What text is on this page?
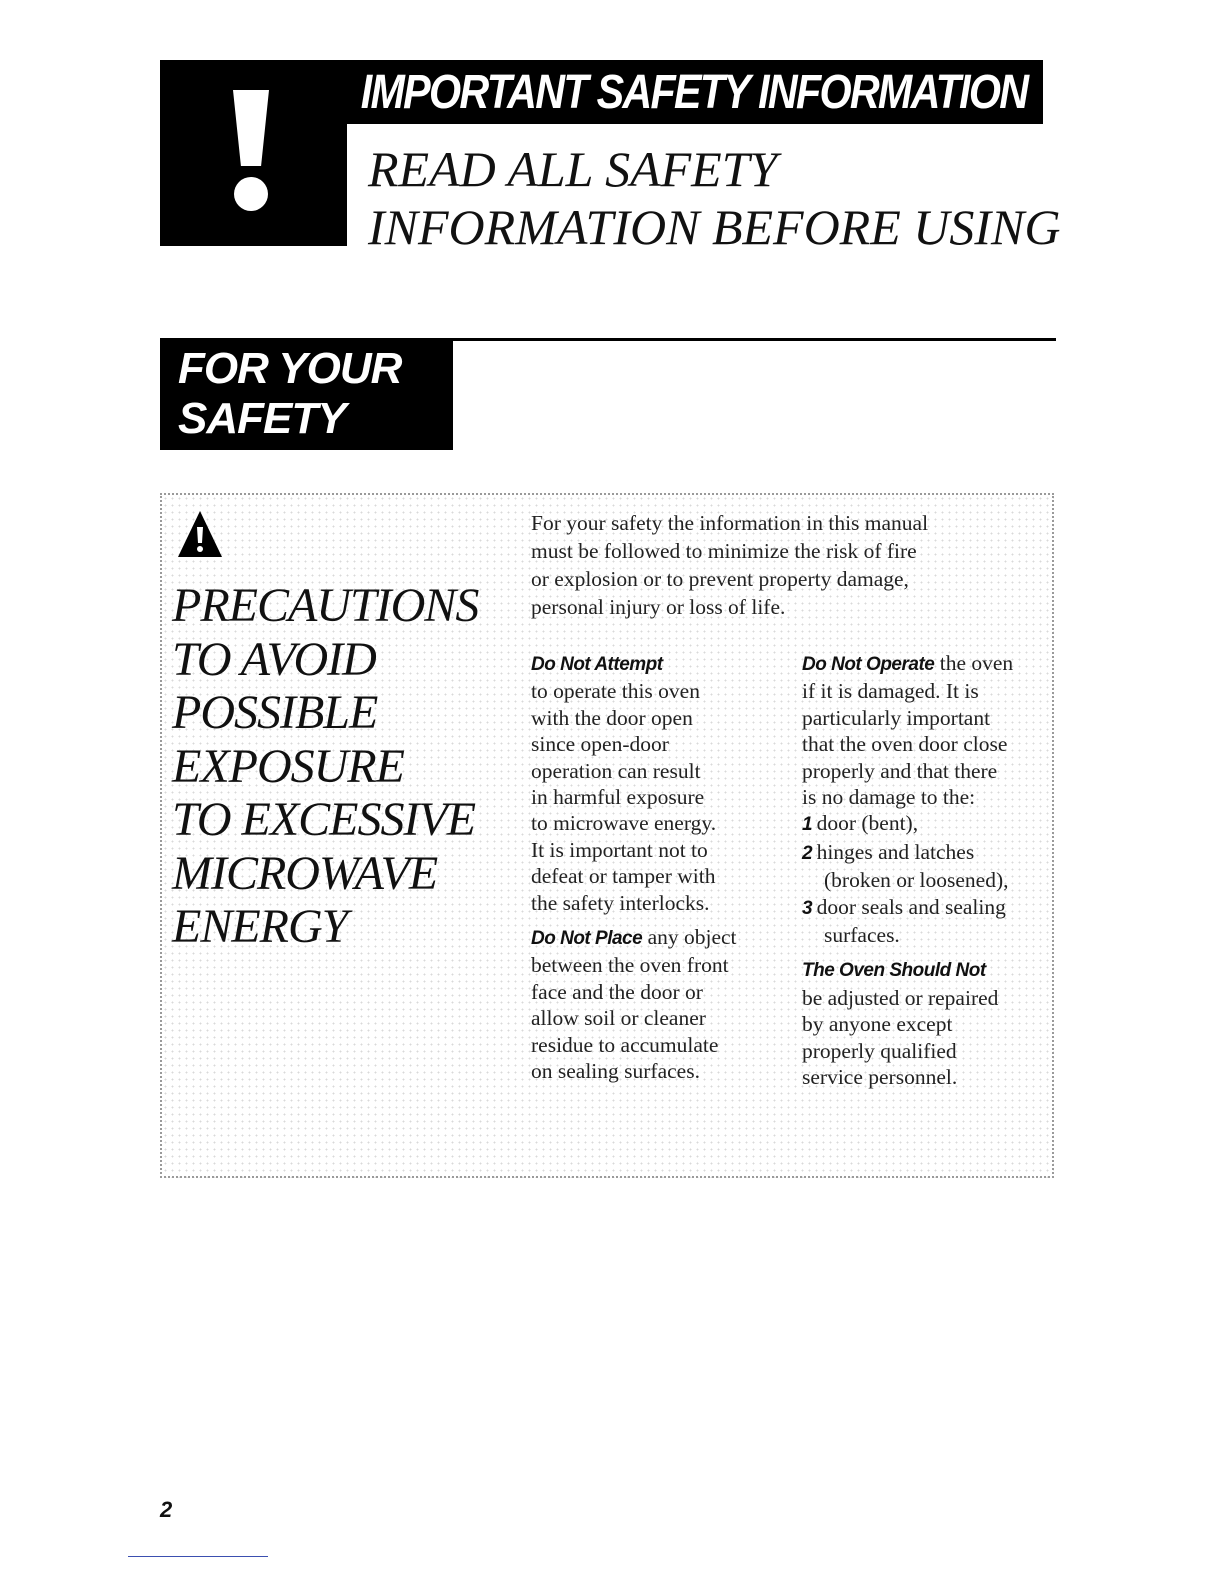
IMPORTANT SAFETY INFORMATION
READ ALL SAFETY
INFORMATION BEFORE USING
FOR YOUR
SAFETY
PRECAUTIONS
TO AVOID
POSSIBLE
EXPOSURE
TO EXCESSIVE
MICROWAVE
ENERGY

For your safety the information in this manual
must be followed to minimize the risk of fire
or explosion or to prevent property damage,
personal injury or loss of life.

Do Not Attempt
to operate this oven
with the door open
since open-door
operation can result
in harmful exposure
to microwave energy.
It is important not to
defeat or tamper with
the safety interlocks.
Do Not Place any object
between the oven front
face and the door or
allow soil or cleaner
residue to accumulate
on sealing surfaces.
Do Not Operate the oven
if it is damaged. It is
particularly important
that the oven door close
properly and that there
is no damage to the:
1 door (bent),
2 hinges and latches
(broken or loosened),
3 door seals and sealing
surfaces.
The Oven Should Not
be adjusted or repaired
by anyone except
properly qualified
service personnel.
2
